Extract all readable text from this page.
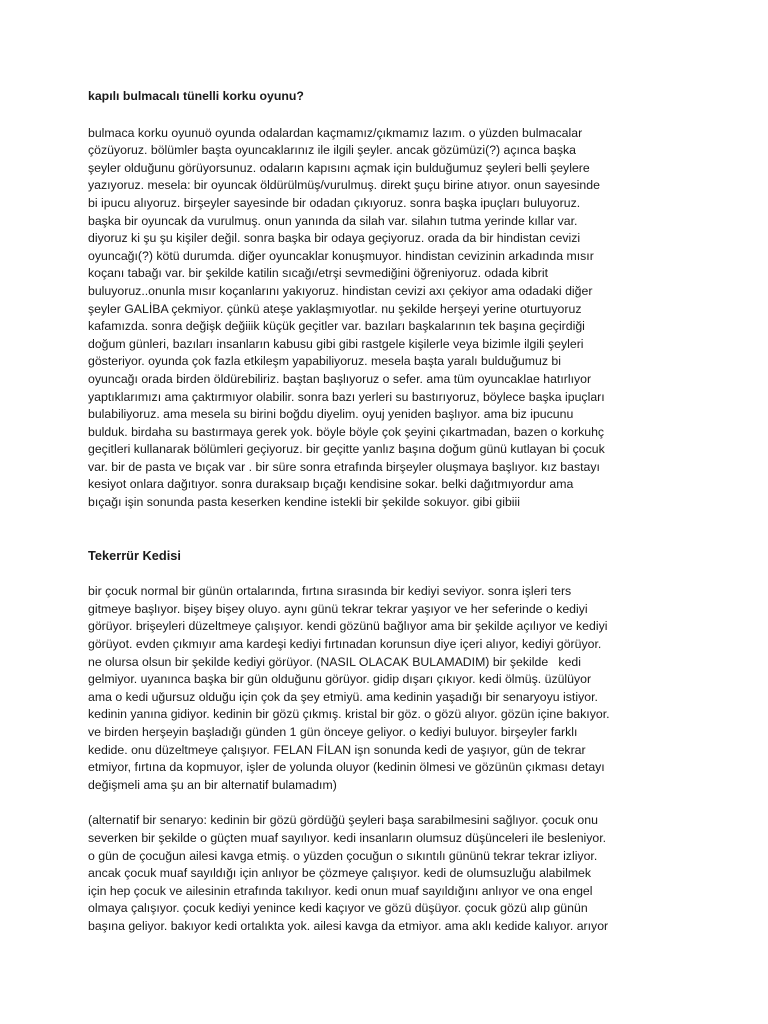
kapılı bulmacalı tünelli korku oyunu?

bulmaca korku oyunuö oyunda odalardan kaçmamız/çıkmamız lazım. o yüzden bulmacalar
çözüyoruz. bölümler başta oyuncaklarınız ile ilgili şeyler. ancak gözümüzi(?) açınca başka
şeyler olduğunu görüyorsunuz. odaların kapısını açmak için bulduğumuz şeyleri belli şeylere
yazıyoruz. mesela: bir oyuncak öldürülmüş/vurulmuş. direkt şuçu birine atıyor. onun sayesinde
bi ipucu alıyoruz. birşeyler sayesinde bir odadan çıkıyoruz. sonra başka ipuçları buluyoruz.
başka bir oyuncak da vurulmuş. onun yanında da silah var. silahın tutma yerinde kıllar var.
diyoruz ki şu şu kişiler değil. sonra başka bir odaya geçiyoruz. orada da bir hindistan cevizi
oyuncağı(?) kötü durumda. diğer oyuncaklar konuşmuyor. hindistan cevizinin arkadında mısır
koçanı tabağı var. bir şekilde katilin sıcağı/etrşi sevmediğini öğreniyoruz. odada kibrit
buluyoruz..onunla mısır koçanlarını yakıyoruz. hindistan cevizi axı çekiyor ama odadaki diğer
şeyler GALİBA çekmiyor. çünkü ateşe yaklaşmıyotlar. nu şekilde herşeyi yerine oturtuyoruz
kafamızda. sonra değişk değiiik küçük geçitler var. bazıları başkalarının tek başına geçirdiği
doğum günleri, bazıları insanların kabusu gibi gibi rastgele kişilerle veya bizimle ilgili şeyleri
gösteriyor. oyunda çok fazla etkileşm yapabiliyoruz. mesela başta yaralı bulduğumuz bi
oyuncağı orada birden öldürebiliriz. baştan başlıyoruz o sefer. ama tüm oyuncaklae hatırlıyor
yaptıklarımızı ama çaktırmıyor olabilir. sonra bazı yerleri su bastırıyoruz, böylece başka ipuçları
bulabiliyoruz. ama mesela su birini boğdu diyelim. oyuj yeniden başlıyor. ama biz ipucunu
bulduk. birdaha su bastırmaya gerek yok. böyle böyle çok şeyini çıkartmadan, bazen o korkuhç
geçitleri kullanarak bölümleri geçiyoruz. bir geçitte yanlız başına doğum günü kutlayan bi çocuk
var. bir de pasta ve bıçak var . bir süre sonra etrafında birşeyler oluşmaya başlıyor. kız bastayı
kesiyot onlara dağıtıyor. sonra duraksaıp bıçağı kendisine sokar. belki dağıtmıyordur ama
bıçağı işin sonunda pasta keserken kendine istekli bir şekilde sokuyor. gibi gibiii

Tekerrür Kedisi

bir çocuk normal bir günün ortalarında, fırtına sırasında bir kediyi seviyor. sonra işleri ters
gitmeye başlıyor. bişey bişey oluyo. aynı günü tekrar tekrar yaşıyor ve her seferinde o kediyi
görüyor. brişeyleri düzeltmeye çalışıyor. kendi gözünü bağlıyor ama bir şekilde açılıyor ve kediyi
görüyot. evden çıkmıyır ama kardeşi kediyi fırtınadan korunsun diye içeri alıyor, kediyi görüyor.
ne olursa olsun bir şekilde kediyi görüyor. (NASIL OLACAK BULAMADIM) bir şekilde   kedi
gelmiyor. uyanınca başka bir gün olduğunu görüyor. gidip dışarı çıkıyor. kedi ölmüş. üzülüyor
ama o kedi uğursuz olduğu için çok da şey etmiyü. ama kedinin yaşadığı bir senaryoyu istiyor.
kedinin yanına gidiyor. kedinin bir gözü çıkmış. kristal bir göz. o gözü alıyor. gözün içine bakıyor.
ve birden herşeyin başladığı günden 1 gün önceye geliyor. o kediyi buluyor. birşeyler farklı
kedide. onu düzeltmeye çalışıyor. FELAN FİLAN işn sonunda kedi de yaşıyor, gün de tekrar
etmiyor, fırtına da kopmuyor, işler de yolunda oluyor (kedinin ölmesi ve gözünün çıkması detayı
değişmeli ama şu an bir alternatif bulamadım)

(alternatif bir senaryo: kedinin bir gözü gördüğü şeyleri başa sarabilmesini sağlıyor. çocuk onu
severken bir şekilde o güçten muaf sayılıyor. kedi insanların olumsuz düşünceleri ile besleniyor.
o gün de çocuğun ailesi kavga etmiş. o yüzden çocuğun o sıkıntılı gününü tekrar tekrar izliyor.
ancak çocuk muaf sayıldığı için anlıyor be çözmeye çalışıyor. kedi de olumsuzluğu alabilmek
için hep çocuk ve ailesinin etrafında takılıyor. kedi onun muaf sayıldığını anlıyor ve ona engel
olmaya çalışıyor. çocuk kediyi yenince kedi kaçıyor ve gözü düşüyor. çocuk gözü alıp günün
başına geliyor. bakıyor kedi ortalıkta yok. ailesi kavga da etmiyor. ama aklı kedide kalıyor. arıyor
